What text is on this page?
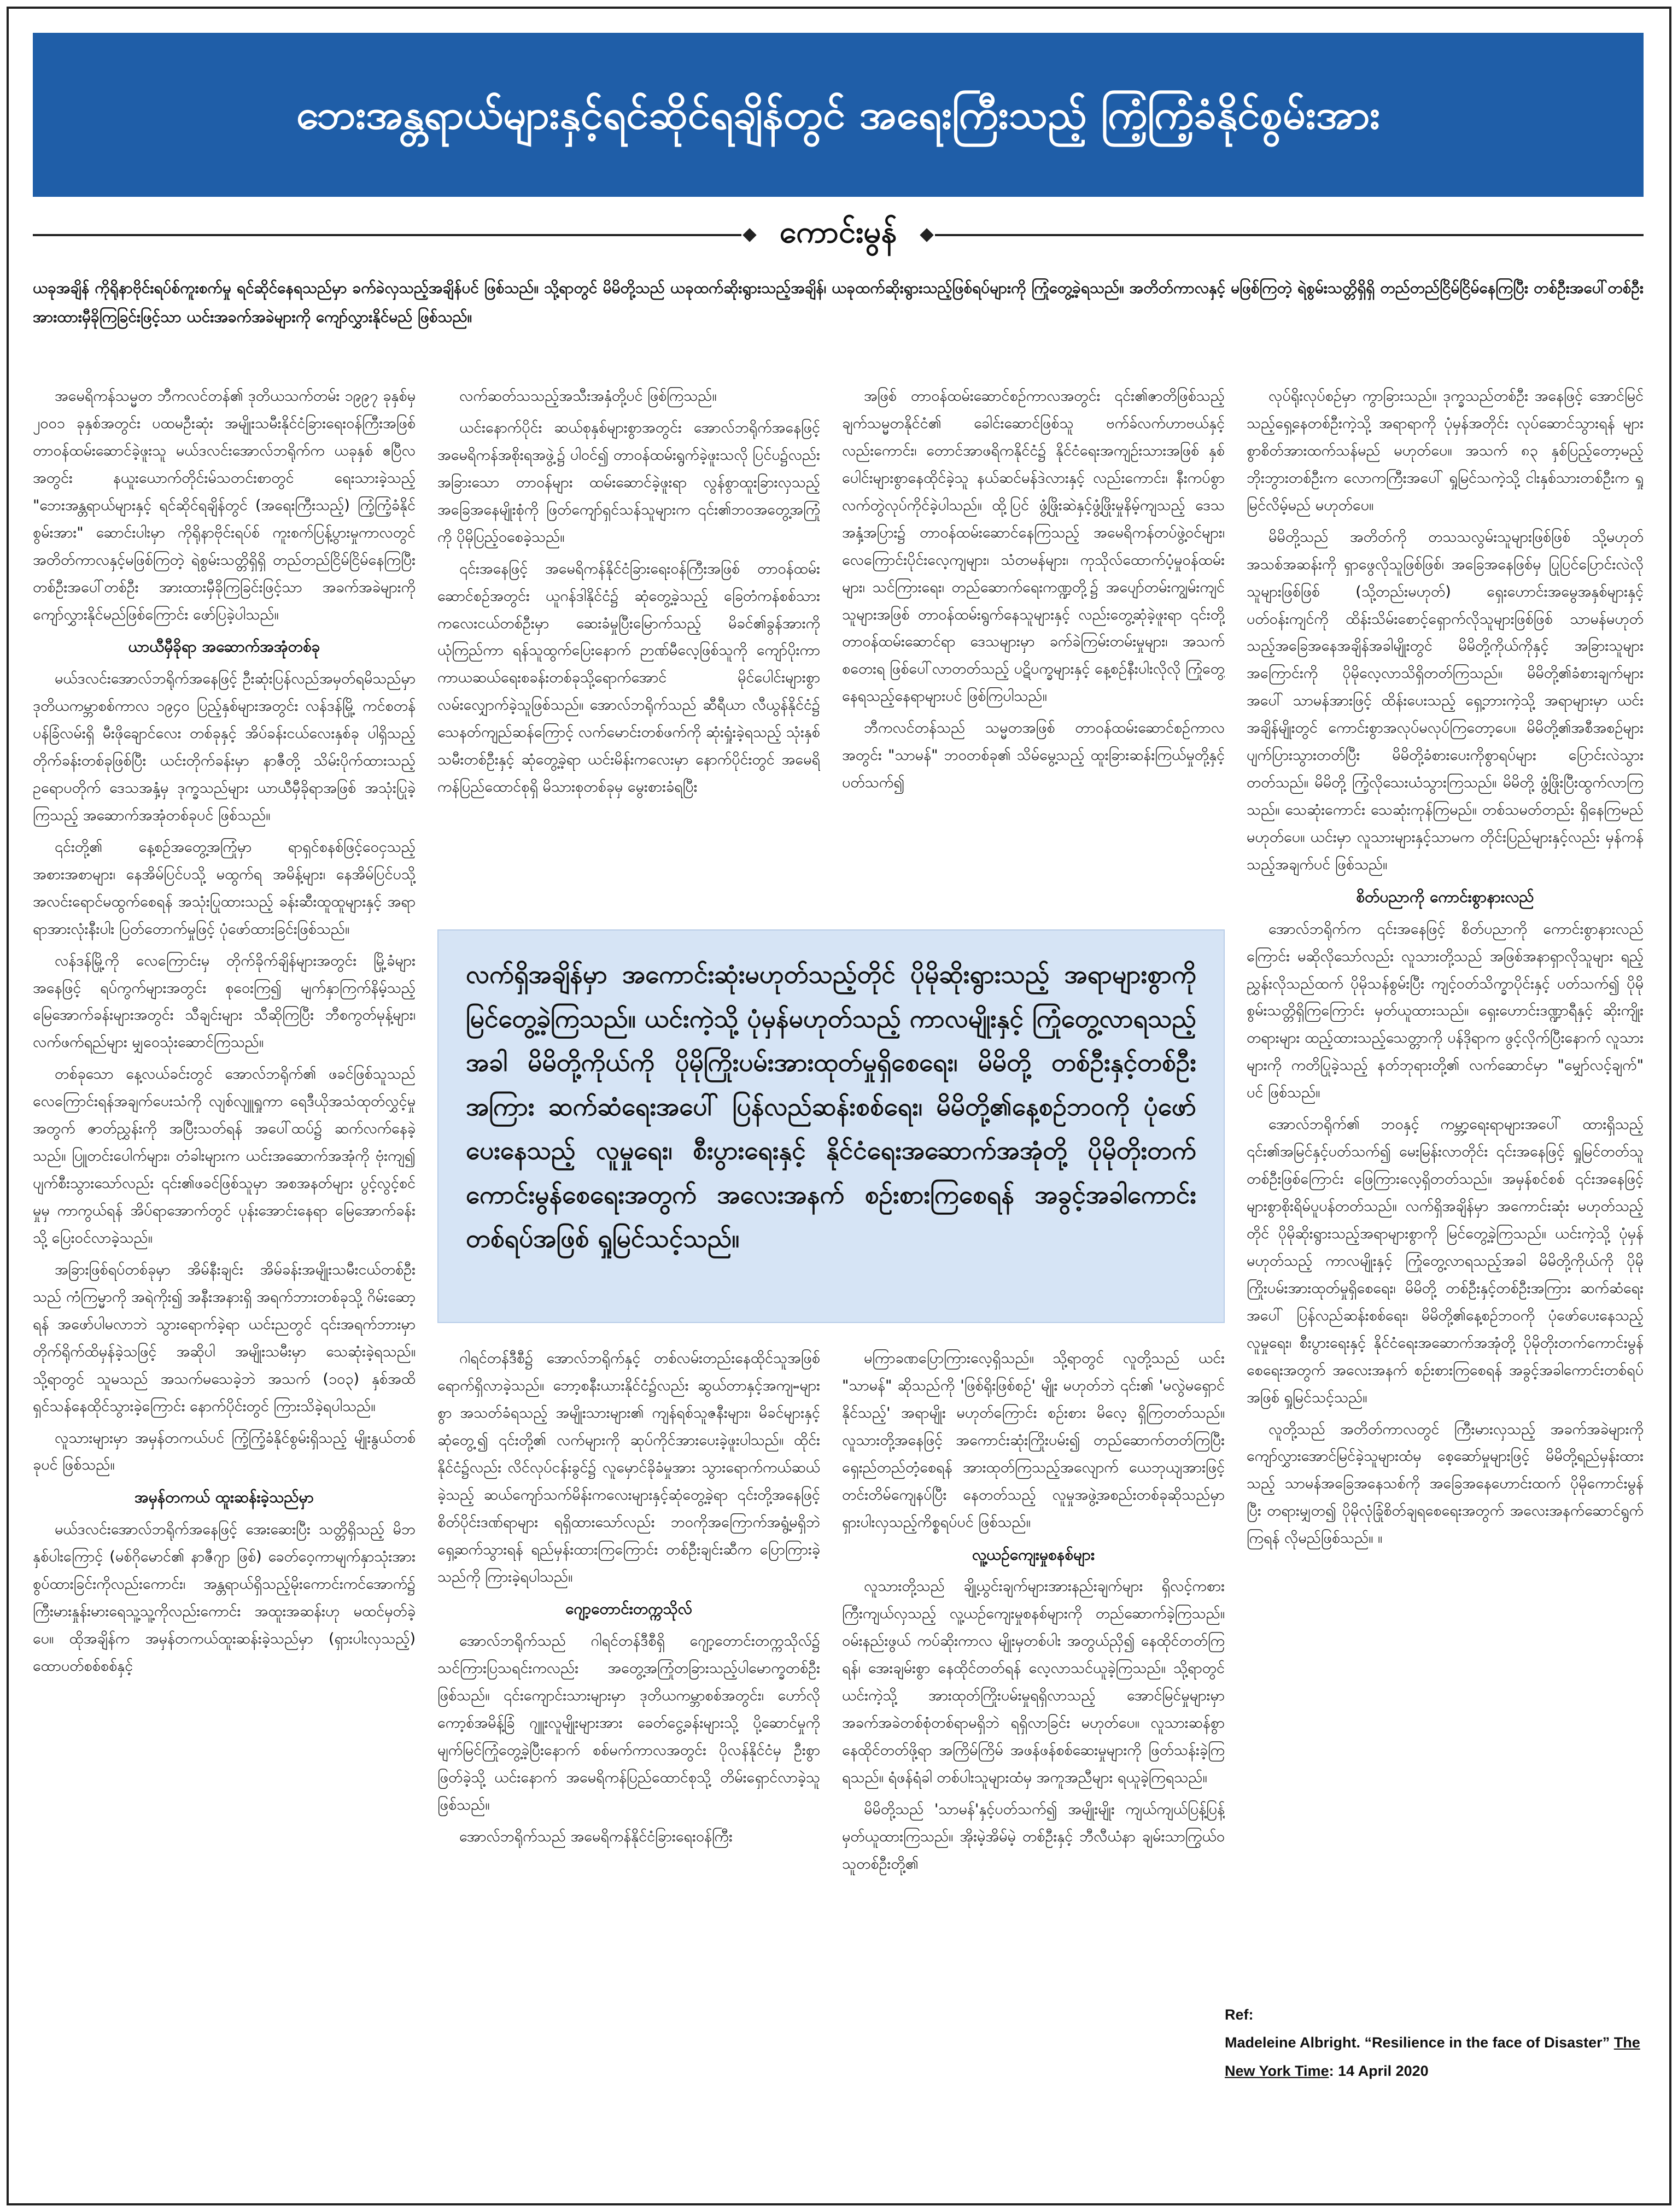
ဘေးအန္တရာယ်များနှင့်ရင်ဆိုင်ရချိန်တွင် အရေးကြီးသည့် ကြံ့ကြံ့ခံနိုင်စွမ်းအား
ကောင်းမွန်
ယခုအချိန် ကိုရိုနာဗိုင်းရပ်စ်ကူးစက်မှု ရင်ဆိုင်နေရသည်မှာ ခက်ခဲလှသည့်အချိန်ပင် ဖြစ်သည်။ သို့ရာတွင် မိမိတို့သည် ယခုထက်ဆိုးရွားသည့်အချိန်၊ ယခုထက်ဆိုးရွားသည့်ဖြစ်ရပ်များကို ကြုံတွေ့ခဲ့ရသည်။ အတိတ်ကာလနှင့် မဖြစ်ကြတဲ့ ရဲစွမ်းသတ္တိရှိရှိ တည်တည်ငြိမ်ငြိမ်နေကြပြီး တစ်ဦးအပေါ်တစ်ဦး အားထားမှီခိုကြခြင်းဖြင့်သာ ယင်းအခက်အခဲများကို ကျော်လွှားနိုင်မည် ဖြစ်သည်။

အမေရိကန်သမ္မတ ဘီကလင်တန်၏ ဒုတိယသက်တမ်း ၁၉၉၇ ခုနှစ်မှ ၂၀၀၁ ခုနှစ်အတွင်း ပထမဦးဆုံး အမျိုးသမီးနိုင်ငံခြားရေးဝန်ကြီးအဖြစ် တာဝန်ထမ်းဆောင်ခဲ့ဖူးသူ မယ်ဒလင်းအောလ်ဘရိုက်က ယခုနှစ် ဧပြီလအတွင်း နယူးယောက်တိုင်းမ်သတင်းစာတွင် ရေးသားခဲ့သည့် "ဘေးအန္တရာယ်များနှင့် ရင်ဆိုင်ရချိန်တွင် (အရေးကြီးသည့်) ကြံ့ကြံ့ခံနိုင်စွမ်းအား" ဆောင်းပါးမှာ ကိုရိုနာဗိုင်းရပ်စ် ကူးစက်ပြန့်ပွားမှုကာလတွင် အတိတ်ကာလနှင့်မဖြစ်ကြတဲ့ ရဲစွမ်းသတ္တိရှိရှိ တည်တည်ငြိမ်ငြိမ်နေကြပြီး တစ်ဦးအပေါ်တစ်ဦး အားထားမှီခိုကြခြင်းဖြင့်သာ အခက်အခဲများကို ကျော်လွှားနိုင်မည်ဖြစ်ကြောင်း ဖော်ပြခဲ့ပါသည်။

ယာယီမှီခိုရာ အဆောက်အအုံတစ်ခု

မယ်ဒလင်းအောလ်ဘရိုက်အနေဖြင့် ဦးဆုံးပြန်လည်အမှတ်ရမိသည်မှာ ဒုတိယကမ္ဘာစစ်ကာလ ၁၉၄၀ ပြည့်နှစ်များအတွင်း လန်ဒန်မြို့ ကင်စတန်ပန်ခြံလမ်းရှိ မီးဖိုချောင်လေး တစ်ခုနှင့် အိပ်ခန်းငယ်လေးနှစ်ခု ပါရှိသည့် တိုက်ခန်းတစ်ခုဖြစ်ပြီး ယင်းတိုက်ခန်းမှာ နာဇီတို့ သိမ်းပိုက်ထားသည့် ဥရောပတိုက် ဒေသအနှံ့မှ ဒုက္ခသည်များ ယာယီမှီခိုရာအဖြစ် အသုံးပြုခဲ့ကြသည့် အဆောက်အအုံတစ်ခုပင် ဖြစ်သည်။

၎င်းတို့၏ နေ့စဉ်အတွေ့အကြုံမှာ ရာရှင်စနစ်ဖြင့်ဝေငှသည့် အစားအစာများ၊ နေအိမ်ပြင်ပသို့ မထွက်ရ အမိန့်များ၊ နေအိမ်ပြင်ပသို့ အလင်းရောင်မထွက်စေရန် အသုံးပြုထားသည့် ခန်းဆီးထူထူများနှင့် အရာရာအားလုံးနီးပါး ပြတ်တောက်မှုဖြင့် ပုံဖော်ထားခြင်းဖြစ်သည်။

လန်ဒန်မြို့ကို လေကြောင်းမှ တိုက်ခိုက်ချိန်များအတွင်း မြို့ခံများအနေဖြင့် ရပ်ကွက်များအတွင်း စုဝေးကြ၍ မျက်နှာကြက်နိမ့်သည့် မြေအောက်ခန်းများအတွင်း သီချင်းများ သီဆိုကြပြီး ဘီစကွတ်မုန့်များ၊ လက်ဖက်ရည်များ မျှဝေသုံးဆောင်ကြသည်။

တစ်ခုသော နေ့လယ်ခင်းတွင် အောလ်ဘရိုက်၏ ဖခင်ဖြစ်သူသည် လေကြောင်းရန်အချက်ပေးသံကို လျစ်လျူရှုကာ ရေဒီယိုအသံထုတ်လွှင့်မှုအတွက် ဇာတ်ညွှန်းကို အပြီးသတ်ရန် အပေါ်ထပ်၌ ဆက်လက်နေခဲ့သည်။ ပြူတင်းပေါက်များ၊ တံခါးများက ယင်းအဆောက်အအုံကို ဗုံးကျ၍ ပျက်စီးသွားသော်လည်း ၎င်း၏ဖခင်ဖြစ်သူမှာ အစအနတ်များ ပွင့်လွင့်စင်မှုမှ ကာကွယ်ရန် အိပ်ရာအောက်တွင် ပုန်းအောင်းနေရာ မြေအောက်ခန်းသို့ ပြေးဝင်လာခဲ့သည်။

အခြားဖြစ်ရပ်တစ်ခုမှာ အိမ်နီးချင်း အိမ်ခန်းအမျိုးသမီးငယ်တစ်ဦးသည် ကံကြမ္မာကို အရဲကိုး၍ အနီးအနားရှိ အရက်ဘားတစ်ခုသို့ ဂိမ်းဆော့ရန် အဖော်ပါမလာဘဲ သွားရောက်ခဲ့ရာ ယင်းညတွင် ၎င်းအရက်ဘားမှာ တိုက်ရိုက်ထိမှန်ခဲ့သဖြင့် အဆိုပါ အမျိုးသမီးမှာ သေဆုံးခဲ့ရသည်။ သို့ရာတွင် သူမသည် အသက်မသေခဲ့ဘဲ အသက် (၁၀၃) နှစ်အထိ ရှင်သန်နေထိုင်သွားခဲ့ကြောင်း နောက်ပိုင်းတွင် ကြားသိခဲ့ရပါသည်။

လူသားများမှာ အမှန်တကယ်ပင် ကြံ့ကြံ့ခံနိုင်စွမ်းရှိသည့် မျိုးနွယ်တစ်ခုပင် ဖြစ်သည်။

အမှန်တကယ် ထူးဆန်းခဲ့သည်မှာ

မယ်ဒလင်းအောလ်ဘရိုက်အနေဖြင့် အေးဆေးပြီး သတ္တိရှိသည့် မိဘနှစ်ပါးကြောင့် (မစ်ဂိုမောင်၏ နာဇီဂျာ ဖြစ်) ခေတ်ဝေ့ကာမျက်နှာသုံးအား စွပ်ထားခြင်းကိုလည်းကောင်း၊ အန္တရာယ်ရှိသည့်မိုးကောင်းကင်အောက်၌ ကြီးမားနှုန်းမားရေသူ့သူ့ကိုလည်းကောင်း အထူးအဆန်းဟု မထင်မှတ်ခဲ့ပေ။ ထိုအချိန်က အမှန်တကယ်ထူးဆန်းခဲ့သည်မှာ (ရှားပါးလှသည့်) ထောပတ်စစ်စစ်နှင့်

လက်ဆတ်သသည့်အသီးအနှံတို့ပင် ဖြစ်ကြသည်။

ယင်းနောက်ပိုင်း ဆယ်စုနှစ်များစွာအတွင်း အောလ်ဘရိုက်အနေဖြင့် အမေရိကန်အစိုးရအဖွဲ့၌ ပါဝင်၍ တာဝန်ထမ်းရွက်ခဲ့ဖူးသလို ပြင်ပ၌လည်း အခြားသော တာဝန်များ ထမ်းဆောင်ခဲ့ဖူးရာ လွန်စွာထူးခြားလှသည့် အခြေအနေမျိုးစုံကို ဖြတ်ကျော်ရှင်သန်သူများက ၎င်း၏ဘဝအတွေ့အကြုံကို ပိုမိုပြည့်ဝစေခဲ့သည်။

၎င်းအနေဖြင့် အမေရိကန်နိုင်ငံခြားရေးဝန်ကြီးအဖြစ် တာဝန်ထမ်းဆောင်စဉ်အတွင်း ယူဂန်ဒါနိုင်ငံ၌ ဆုံတွေ့ခဲ့သည့် ခြေတံကန်စစ်သားကလေးငယ်တစ်ဦးမှာ ဆေးခံမှုပြီးမြောက်သည့် မိခင်၏ခွန်အားကိုယုံကြည်ကာ ရန်သူထွက်ပြေးနောက် ဉာဏ်မီလေ့ဖြစ်သူကို ကျော်ပိုးကာ ကာယဆယ်ရေးစခန်းတစ်ခုသို့ရောက်အောင် မိုင်ပေါင်းများစွာ လမ်းလျှောက်ခဲ့သူဖြစ်သည်။ အောလ်ဘရိုက်သည် ဆီရီယာ လီယွန်နိုင်ငံ၌ သေနတ်ကျည်ဆန်ကြောင့် လက်မောင်းတစ်ဖက်ကို ဆုံးရှုံးခဲ့ရသည့် သုံးနှစ်သမီးတစ်ဦးနှင့် ဆုံတွေ့ခဲ့ရာ ယင်းမိန်းကလေးမှာ နောက်ပိုင်းတွင် အမေရိကန်ပြည်ထောင်စုရှိ မိသားစုတစ်ခုမှ မွေးစားခံရပြီး

အဖြစ် တာဝန်ထမ်းဆောင်စဉ်ကာလအတွင်း ၎င်း၏ဇာတိဖြစ်သည့် ချက်သမ္မတနိုင်ငံ၏ ခေါင်းဆောင်ဖြစ်သူ ဗက်ခ်လက်ဟာဗယ်နှင့်လည်းကောင်း၊ တောင်အာဖရိကနိုင်ငံ၌ နိုင်ငံရေးအကျဉ်းသားအဖြစ် နှစ်ပေါင်းများစွာနေထိုင်ခဲ့သူ နယ်ဆင်မန်ဒဲလားနှင့် လည်းကောင်း၊ နီးကပ်စွာ လက်တွဲလုပ်ကိုင်ခဲ့ပါသည်။ ထို့ပြင် ဖွံ့ဖြိုးဆဲနှင့်ဖွံ့ဖြိုးမှုနိမ့်ကျသည့် ဒေသအနှံ့အပြား၌ တာဝန်ထမ်းဆောင်နေကြသည့် အမေရိကန်တပ်ဖွဲ့ဝင်များ၊ လေကြောင်းပိုင်းလေ့ကျများ၊ သံတမန်များ၊ ကုသိုလ်ထောက်ပံ့မှုဝန်ထမ်းများ၊ သင်ကြားရေး၊ တည်ဆောက်ရေးကဏ္ဍတို့၌ အပျော်တမ်းကျွမ်းကျင်သူများအဖြစ် တာဝန်ထမ်းရွက်နေသူများနှင့် လည်းတွေ့ဆုံခဲ့ဖူးရာ ၎င်းတို့တာဝန်ထမ်းဆောင်ရာ ဒေသများမှာ ခက်ခဲကြမ်းတမ်းမှုများ၊ အသက်စတေးရ ဖြစ်ပေါ်လာတတ်သည့် ပဋိပက္ခများနှင့် နေ့စဉ်နီးပါးလိုလို ကြုံတွေ့နေရသည့်နေရာများပင် ဖြစ်ကြပါသည်။

ဘီကလင်တန်သည် သမ္မတအဖြစ် တာဝန်ထမ်းဆောင်စဉ်ကာလအတွင်း "သာမန်" ဘဝတစ်ခု၏ သိမ်မွေ့သည့် ထူးခြားဆန်းကြယ်မှုတို့နှင့် ပတ်သက်၍

လုပ်ရိုးလုပ်စဉ်မှာ ကွာခြားသည်။ ဒုက္ခသည်တစ်ဦး အနေဖြင့် အောင်မြင်သည့်ရှေ့နေတစ်ဦးကဲ့သို့ အရာရာကို ပုံမှန်အတိုင်း လုပ်ဆောင်သွားရန် များစွာစိတ်အားထက်သန်မည် မဟုတ်ပေ။ အသက် ၈၃ နှစ်ပြည့်တော့မည့် ဘိုးဘွားတစ်ဦးက လောကကြီးအပေါ် ရှုမြင်သကဲ့သို့ ငါးနှစ်သားတစ်ဦးက ရှုမြင်လိမ့်မည် မဟုတ်ပေ။

မိမိတို့သည် အတိတ်ကို တသသလွမ်းသူများဖြစ်ဖြစ် သို့မဟုတ် အသစ်အဆန်းကို ရှာဖွေလိုသူဖြစ်ဖြစ်၊ အခြေအနေဖြစ်မှ ပြုပြင်ပြောင်းလဲလိုသူများဖြစ်ဖြစ် (သို့တည်းမဟုတ်) ရှေးဟောင်းအမွေအနှစ်များနှင့် ပတ်ဝန်းကျင်ကို ထိန်းသိမ်းစောင့်ရှောက်လိုသူများဖြစ်ဖြစ် သာမန်မဟုတ်သည့်အခြေအနေအချိန်အခါမျိုးတွင် မိမိတို့ကိုယ်ကိုနှင့် အခြားသူများအကြောင်းကို ပိုမိုလေ့လာသိရှိတတ်ကြသည်။ မိမိတို့၏ခံစားချက်များ အပေါ် သာမန်အားဖြင့် ထိန်းပေးသည့် ရှေ့ဘားကဲ့သို့ အရာများမှာ ယင်းအချိန်မျိုးတွင် ကောင်းစွာအလုပ်မလုပ်ကြတော့ပေ။ မိမိတို့၏အစီအစဉ်များ ပျက်ပြားသွားတတ်ပြီး မိမိတို့ခံစားပေးကိုစွာရပ်များ ပြောင်းလဲသွားတတ်သည်။ မိမိတို့ ကြံ့လိုသေးယံသွားကြသည်။ မိမိတို့ ဖွံ့ဖြိုးပြီးထွက်လာကြသည်။ သေဆုံးကောင်း သေဆုံးကုန်ကြမည်။ တစ်သမတ်တည်း ရှိနေကြမည် မဟုတ်ပေ။ ယင်းမှာ လူသားများနှင့်သာမက တိုင်းပြည်များနှင့်လည်း မှန်ကန်သည့်အချက်ပင် ဖြစ်သည်။

စိတ်ပညာကို ကောင်းစွာနားလည်

အောလ်ဘရိုက်က ၎င်းအနေဖြင့် စိတ်ပညာကို ကောင်းစွာနားလည်ကြောင်း မဆိုလိုသော်လည်း လူသားတို့သည် အဖြစ်အနာရှာလိုသူများ ရည့်ညွှန်းလိုသည်ထက် ပိုမိုသန်စွမ်းပြီး ကျင့်ဝတ်သိက္ခာပိုင်းနှင့် ပတ်သက်၍ ပိုမိုစွမ်းသတ္တိရှိကြကြောင်း မှတ်ယူထားသည်။ ရှေးဟောင်းဒဏ္ဍာရီနှင့် ဆိုးကျိုးတရားများ ထည့်ထားသည့်သေတ္တာကို ပန်ဒိုရာက ဖွင့်လိုက်ပြီးနောက် လူသားများကို ကတိပြုခဲ့သည့် နတ်ဘုရားတို့၏ လက်ဆောင်မှာ "မျှော်လင့်ချက်" ပင် ဖြစ်သည်။

အောလ်ဘရိုက်၏ ဘဝနှင့် ကမ္ဘာ့ရေးရာများအပေါ် ထားရှိသည့် ၎င်း၏အမြင်နှင့်ပတ်သက်၍ မေးမြန်းလာတိုင်း ၎င်းအနေဖြင့် ရှုမြင်တတ်သူတစ်ဦးဖြစ်ကြောင်း ဖြေကြားလေ့ရှိတတ်သည်။ အမှန်စင်စစ် ၎င်းအနေဖြင့် များစွာစိုးရိမ်ပူပန်တတ်သည်။ လက်ရှိအချိန်မှာ အကောင်းဆုံး မဟုတ်သည့်တိုင် ပိုမိုဆိုးရွားသည့်အရာများစွာကို မြင်တွေ့ခဲ့ကြသည်။ ယင်းကဲ့သို့ ပုံမှန်မဟုတ်သည့် ကာလမျိုးနှင့် ကြုံတွေ့လာရသည့်အခါ မိမိတို့ကိုယ်ကို ပိုမိုကြိုးပမ်းအားထုတ်မှုရှိစေရေး၊ မိမိတို့ တစ်ဦးနှင့်တစ်ဦးအကြား ဆက်ဆံရေးအပေါ် ပြန်လည်ဆန်းစစ်ရေး၊ မိမိတို့၏နေ့စဉ်ဘဝကို ပုံဖော်ပေးနေသည့် လူမှုရေး၊ စီးပွားရေးနှင့် နိုင်ငံရေးအဆောက်အအုံတို့ ပိုမိုတိုးတက်ကောင်းမွန်စေရေးအတွက် အလေးအနက် စဉ်းစားကြစေရန် အခွင့်အခါကောင်းတစ်ရပ်အဖြစ် ရှုမြင်သင့်သည်။

လူတို့သည် အတိတ်ကာလတွင် ကြီးမားလှသည့် အခက်အခဲများကို ကျော်လွှားအောင်မြင်ခဲ့သူများထံမှ စေ့ဆော်မှုများဖြင့် မိမိတို့ရည်မှန်းထားသည့် သာမန်အခြေအနေသစ်ကို အခြေအနေဟောင်းထက် ပိုမိုကောင်းမွန်ပြီး တရားမျှတ၍ ပိုမိုလုံခြုံစိတ်ချရစေရေးအတွက် အလေးအနက်ဆောင်ရွက်ကြရန် လိုမည်ဖြစ်သည်။ ။

လက်ရှိအချိန်မှာ အကောင်းဆုံးမဟုတ်သည့်တိုင် ပိုမိုဆိုးရွားသည့် အရာများစွာကို မြင်တွေ့ခဲ့ကြသည်။ ယင်းကဲ့သို့ ပုံမှန်မဟုတ်သည့် ကာလမျိုးနှင့် ကြုံတွေ့လာရသည့်အခါ မိမိတို့ကိုယ်ကို ပိုမိုကြိုးပမ်းအားထုတ်မှုရှိစေရေး၊ မိမိတို့ တစ်ဦးနှင့်တစ်ဦးအကြား ဆက်ဆံရေးအပေါ် ပြန်လည်ဆန်းစစ်ရေး၊ မိမိတို့၏နေ့စဉ်ဘဝကို ပုံဖော်ပေးနေသည့် လူမှုရေး၊ စီးပွားရေးနှင့် နိုင်ငံရေးအဆောက်အအုံတို့ ပိုမိုတိုးတက်ကောင်းမွန်စေရေးအတွက် အလေးအနက် စဉ်းစားကြစေရန် အခွင့်အခါကောင်းတစ်ရပ်အဖြစ် ရှုမြင်သင့်သည်။

ဂါရင်တန်ဒီစီ၌ အောလ်ဘရိုက်နှင့် တစ်လမ်းတည်းနေထိုင်သူအဖြစ် ရောက်ရှိလာခဲ့သည်။ ဘော့စနီးယားနိုင်ငံ၌လည်း ဆွယ်တာနှင့်အကျႌများစွာ အသတ်ခံရသည့် အမျိုးသားများ၏ ကျန်ရစ်သူဇနီးများ၊ မိခင်များနှင့်ဆုံတွေ့၍ ၎င်းတို့၏ လက်များကို ဆုပ်ကိုင်အားပေးခဲ့ဖူးပါသည်။ ထိုင်းနိုင်ငံ၌လည်း လိင်လုပ်ငန်းခွင်၌ လူမှောင်ခိုခံမှုအား သွားရောက်ကယ်ဆယ်ခဲ့သည့် ဆယ်ကျော်သက်မိန်းကလေးများနှင့်ဆုံတွေ့ခဲ့ရာ ၎င်းတို့အနေဖြင့် စိတ်ပိုင်းဒဏ်ရာများ ရရှိထားသော်လည်း ဘဝကိုအကြောက်အရွံ့မရှိဘဲ ရှေ့ဆက်သွားရန် ရည်မှန်းထားကြကြောင်း တစ်ဦးချင်းဆီက ပြောကြားခဲ့သည်ကို ကြားခဲ့ရပါသည်။

ဂျော့တောင်းတက္ကသိုလ်

အောလ်ဘရိုက်သည် ဂါရင်တန်ဒီစီရှိ ဂျော့တောင်းတက္ကသိုလ်၌ သင်ကြားပြသရင်းကလည်း အတွေ့အကြုံတခြားသည့်ပါမောက္ခတစ်ဦးဖြစ်သည်။ ၎င်းကျောင်းသားများမှာ ဒုတိယကမ္ဘာစစ်အတွင်း၊ ဟော်လိုကော့စ်အမိန့်ခြံ ဂျူးလူမျိုးများအား ခေတ်ငွေ့ခန်းများသို့ ပို့ဆောင်မှုကို မျက်မြင်ကြုံတွေ့ခဲ့ပြီးနောက် စစ်မက်ကာလအတွင်း ပိုလန်နိုင်ငံမှ ဦးစွာဖြတ်ခဲ့သို့ ယင်းနောက် အမေရိကန်ပြည်ထောင်စုသို့ တိမ်းရှောင်လာခဲ့သူ ဖြစ်သည်။

အောလ်ဘရိုက်သည် အမေရိကန်နိုင်ငံခြားရေးဝန်ကြီး

မကြာခဏပြောကြားလေ့ရှိသည်။ သို့ရာတွင် လူတို့သည် ယင်း "သာမန်" ဆိုသည်ကို 'ဖြစ်ရိုးဖြစ်စဉ်' မျိုး မဟုတ်ဘဲ ၎င်း၏ 'မလွဲမရှောင်နိုင်သည့်' အရာမျိုး မဟုတ်ကြောင်း စဉ်းစား မိလေ့ ရှိကြတတ်သည်။ လူသားတို့အနေဖြင့် အကောင်းဆုံးကြိုးပမ်း၍ တည်ဆောက်တတ်ကြပြီး ရှေးည်တည်တံ့စေရန် အားထုတ်ကြသည့်အလျောက် ယေဘုယျအားဖြင့် တင်းတိမ်ကျေနပ်ပြီး နေတတ်သည့် လူမှုအဖွဲ့အစည်းတစ်ခုဆိုသည်မှာ ရှားပါးလှသည့်ကိစ္စရပ်ပင် ဖြစ်သည်။

လူ့ယဉ်ကျေးမှုစနစ်များ

လူသားတို့သည် ချို့ယွင်းချက်များအားနည်းချက်များ ရှိလင့်ကစား ကြီးကျယ်လှသည့် လူ့ယဉ်ကျေးမှုစနစ်များကို တည်ဆောက်ခဲ့ကြသည်။ ဝမ်းနည်းဖွယ် ကပ်ဆိုးကာလ မျိုးမှတစ်ပါး အတွယ်ညှိ၍ နေထိုင်တတ်ကြရန်၊ အေးချမ်းစွာ နေထိုင်တတ်ရန် လေ့လာသင်ယူခဲ့ကြသည်။ သို့ရာတွင် ယင်းကဲ့သို့ အားထုတ်ကြိုးပမ်းမှုရရှိလာသည့် အောင်မြင်မှုများမှာ အခက်အခဲတစ်စုံတစ်ရာမရှိဘဲ ရရှိလာခြင်း မဟုတ်ပေ။ လူသားဆန်စွာ နေထိုင်တတ်ဖို့ရာ အကြိမ်ကြိမ် အဖန်ဖန်စစ်ဆေးမှုများကို ဖြတ်သန်းခဲ့ကြရသည်။ ရံဖန်ရံခါ တစ်ပါးသူများထံမှ အကူအညီများ ရယူခဲ့ကြရသည်။

မိမိတို့သည် 'သာမန်'နှင့်ပတ်သက်၍ အမျိုးမျိုး ကျယ်ကျယ်ပြန့်ပြန့် မှတ်ယူထားကြသည်။ အိုးမဲ့အိမ်မဲ့ တစ်ဦးနှင့် ဘီလီယံနာ ချမ်းသာကြွယ်ဝသူတစ်ဦးတို့၏

Ref:
Madeleine Albright. “Resilience in the face of Disaster” The New York Time: 14 April 2020
